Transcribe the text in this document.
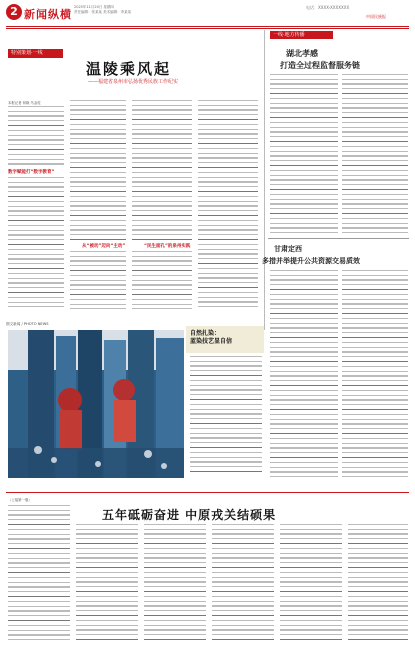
2 新闻纵横
2025年11月20日 星期四
责任编辑：张某某 美术编辑：李某某
电话：XXXX-XXXXXXX
中国民族报
特别策划·一线
温陵乘风起
——福建省泉州市弘扬优秀民族工作纪实
本报记者 何晓 马金柱
数字赋能打“数字教育”
从“被动”迈向“主动”	“民生面孔”的泉州实践
图文新闻 / PHOTO NEWS
自然扎染：
蓝染技艺显自信
一线·地方传播
湖北孝感
打造全过程监督服务链
甘肃定西
多措并举提升公共资源交易质效
（上接第一版）
五年砥砺奋进 中原戎关结硕果
